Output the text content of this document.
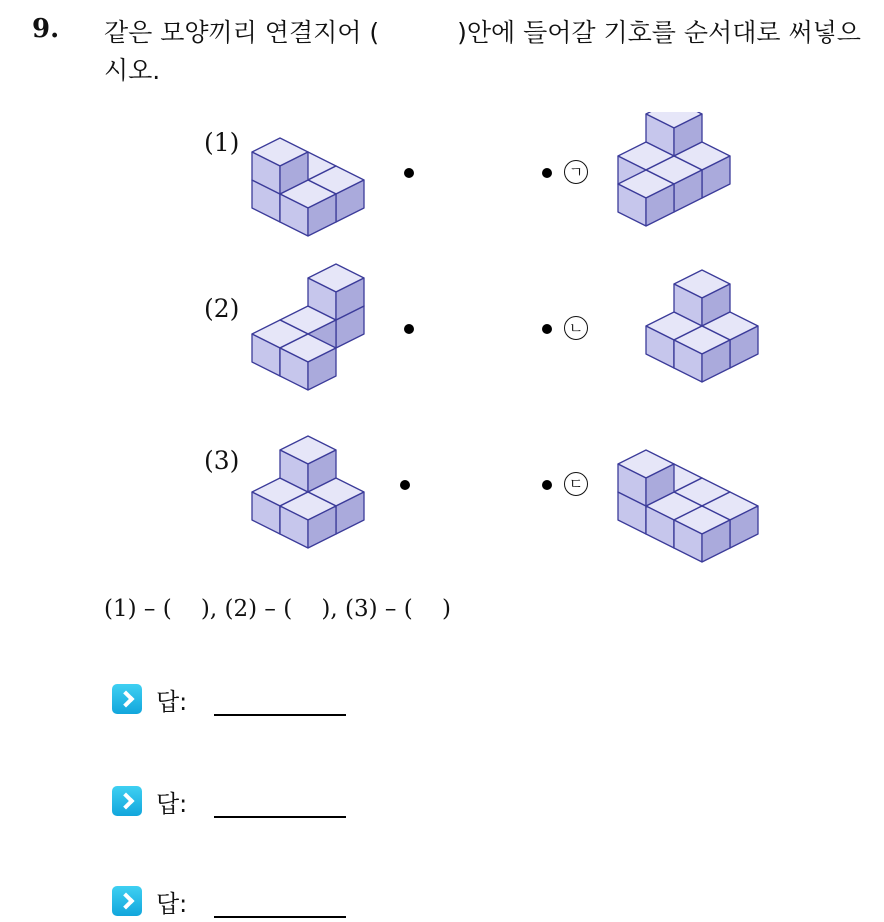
9. 같은 모양끼리 연결지어 (	)안에 들어갈 기호를 순서대로 써넣으시오.
(1)
(2)
(3)
ㄱ
ㄴ
ㄷ
(1) – (    ), (2) – (    ), (3) – (    )
답:
답:
답:
